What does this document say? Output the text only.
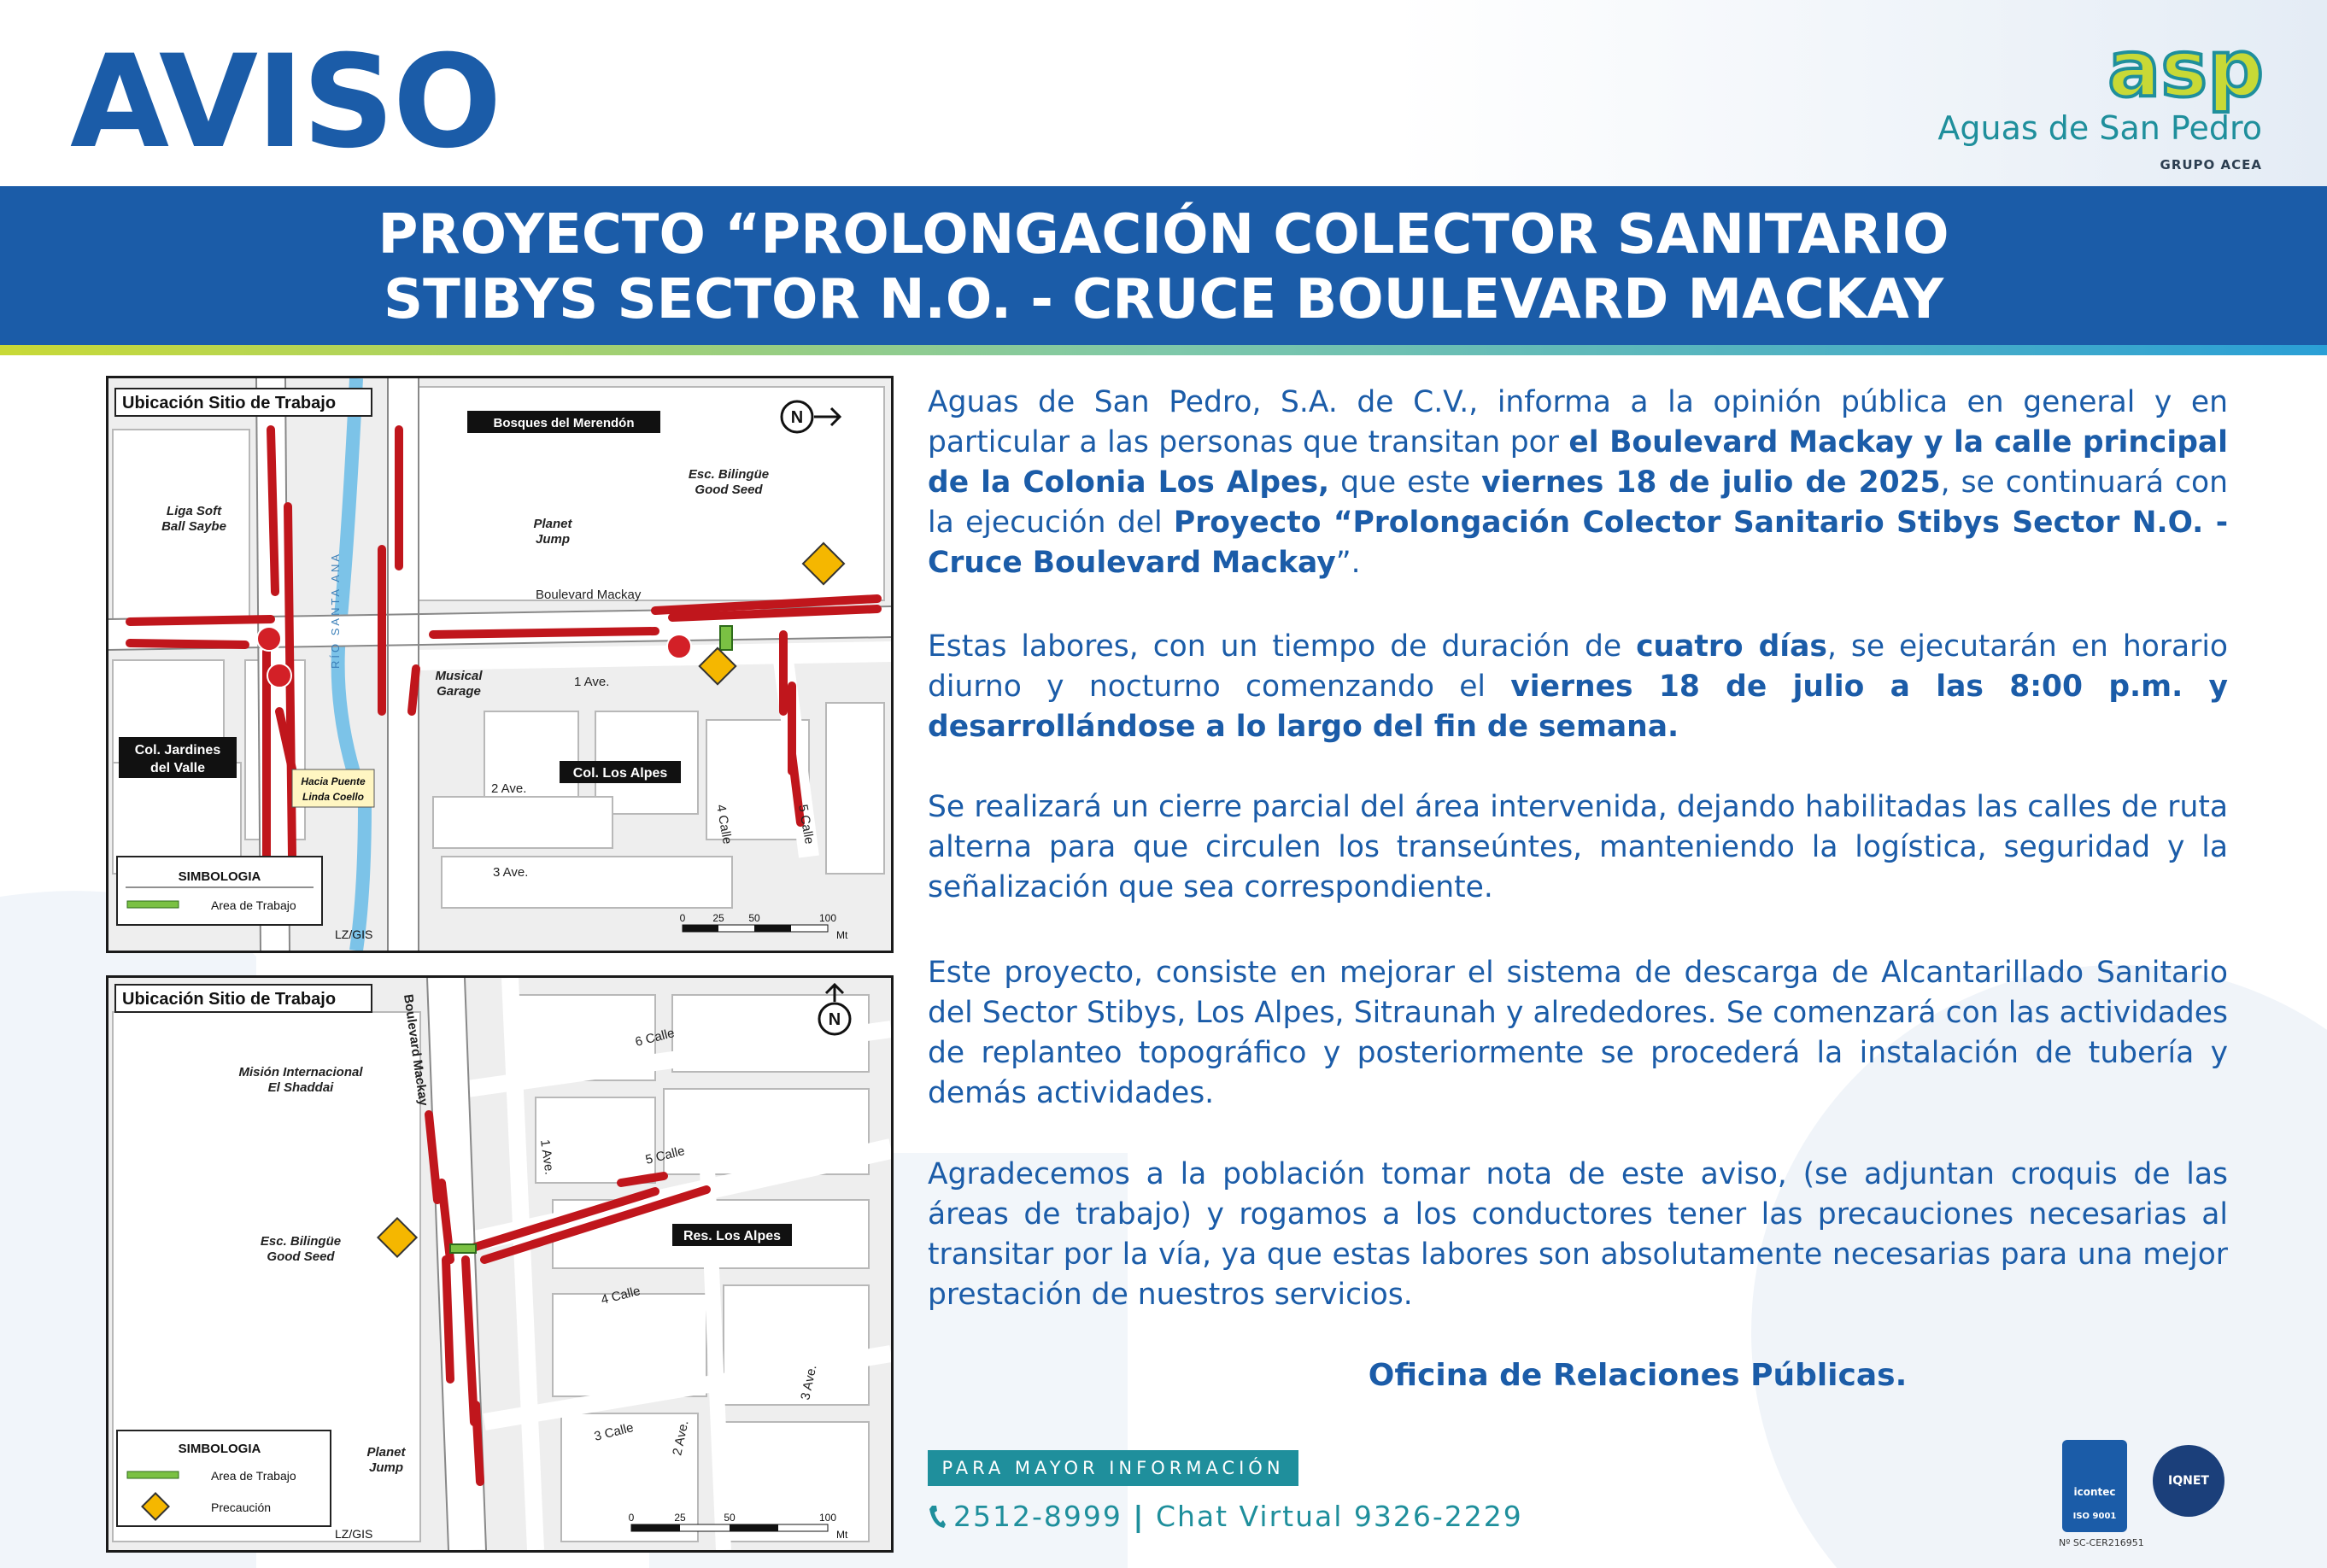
AVISO	asp
Aguas de San Pedro
GRUPO ACEA
PROYECTO “PROLONGACIÓN COLECTOR SANITARIO
STIBYS SECTOR N.O. - CRUCE BOULEVARD MACKAY
Liga Soft
Ball Saybe	Planet
Jump
Esc. Bilingüe
Good Seed
Musical
Garage
Boulevard Mackay
1 Ave.
2 Ave.
3 Ave.
4 Calle	5 Calle
RÍO SANTA ANA
Ubicación Sitio de Trabajo
Bosques del Merendón
Col. Jardines
del Valle	Col. Los Alpes
Hacia Puente
Linda Coello
N
SIMBOLOGIA
Area de Trabajo
LZ/GIS
0	25 50	100
Mt
Misión Internacional
El Shaddai
Esc. Bilingüe
Good Seed
Planet
Jump
Boulevard Mackay	6 Calle
5 Calle
4 Calle
3 Calle
1 Ave.
2 Ave.
3 Ave.
Ubicación Sitio de Trabajo
Res. Los Alpes
N
SIMBOLOGIA
Area de Trabajo
Precaución
LZ/GIS
0	25	50	100
Mt

Aguas de San Pedro, S.A. de C.V., informa a la opinión pública en general y en particular a las personas que transitan por el Boulevard Mackay y la calle principal de la Colonia Los Alpes, que este viernes 18 de julio de 2025, se continuará con la ejecución del Proyecto “Prolongación Colector Sanitario Stibys Sector N.O. - Cruce Boulevard Mackay”.

Estas labores, con un tiempo de duración de cuatro días, se ejecutarán en horario diurno y nocturno comenzando el viernes 18 de julio a las 8:00 p.m. y desarrollándose a lo largo del fin de semana.

Se realizará un cierre parcial del área intervenida, dejando habilitadas las calles de ruta alterna para que circulen los transeúntes, manteniendo la logística, seguridad y la señalización que sea correspondiente.

Este proyecto, consiste en mejorar el sistema de descarga de Alcantarillado Sanitario del Sector Stibys, Los Alpes, Sitraunah y alrededores. Se comenzará con las actividades de replanteo topográfico y posteriormente se procederá la instalación de tubería y demás actividades.

Agradecemos a la población tomar nota de este aviso, (se adjuntan croquis de las áreas de trabajo) y rogamos a los conductores tener las precauciones necesarias al transitar por la vía, ya que estas labores son absolutamente necesarias para una mejor prestación de nuestros servicios.

Oficina de Relaciones Públicas.
PARA MAYOR INFORMACIÓN
2512-8999 | Chat Virtual 9326-2229
icontec
ISO 9001
IQNET
Nº SC-CER216951
